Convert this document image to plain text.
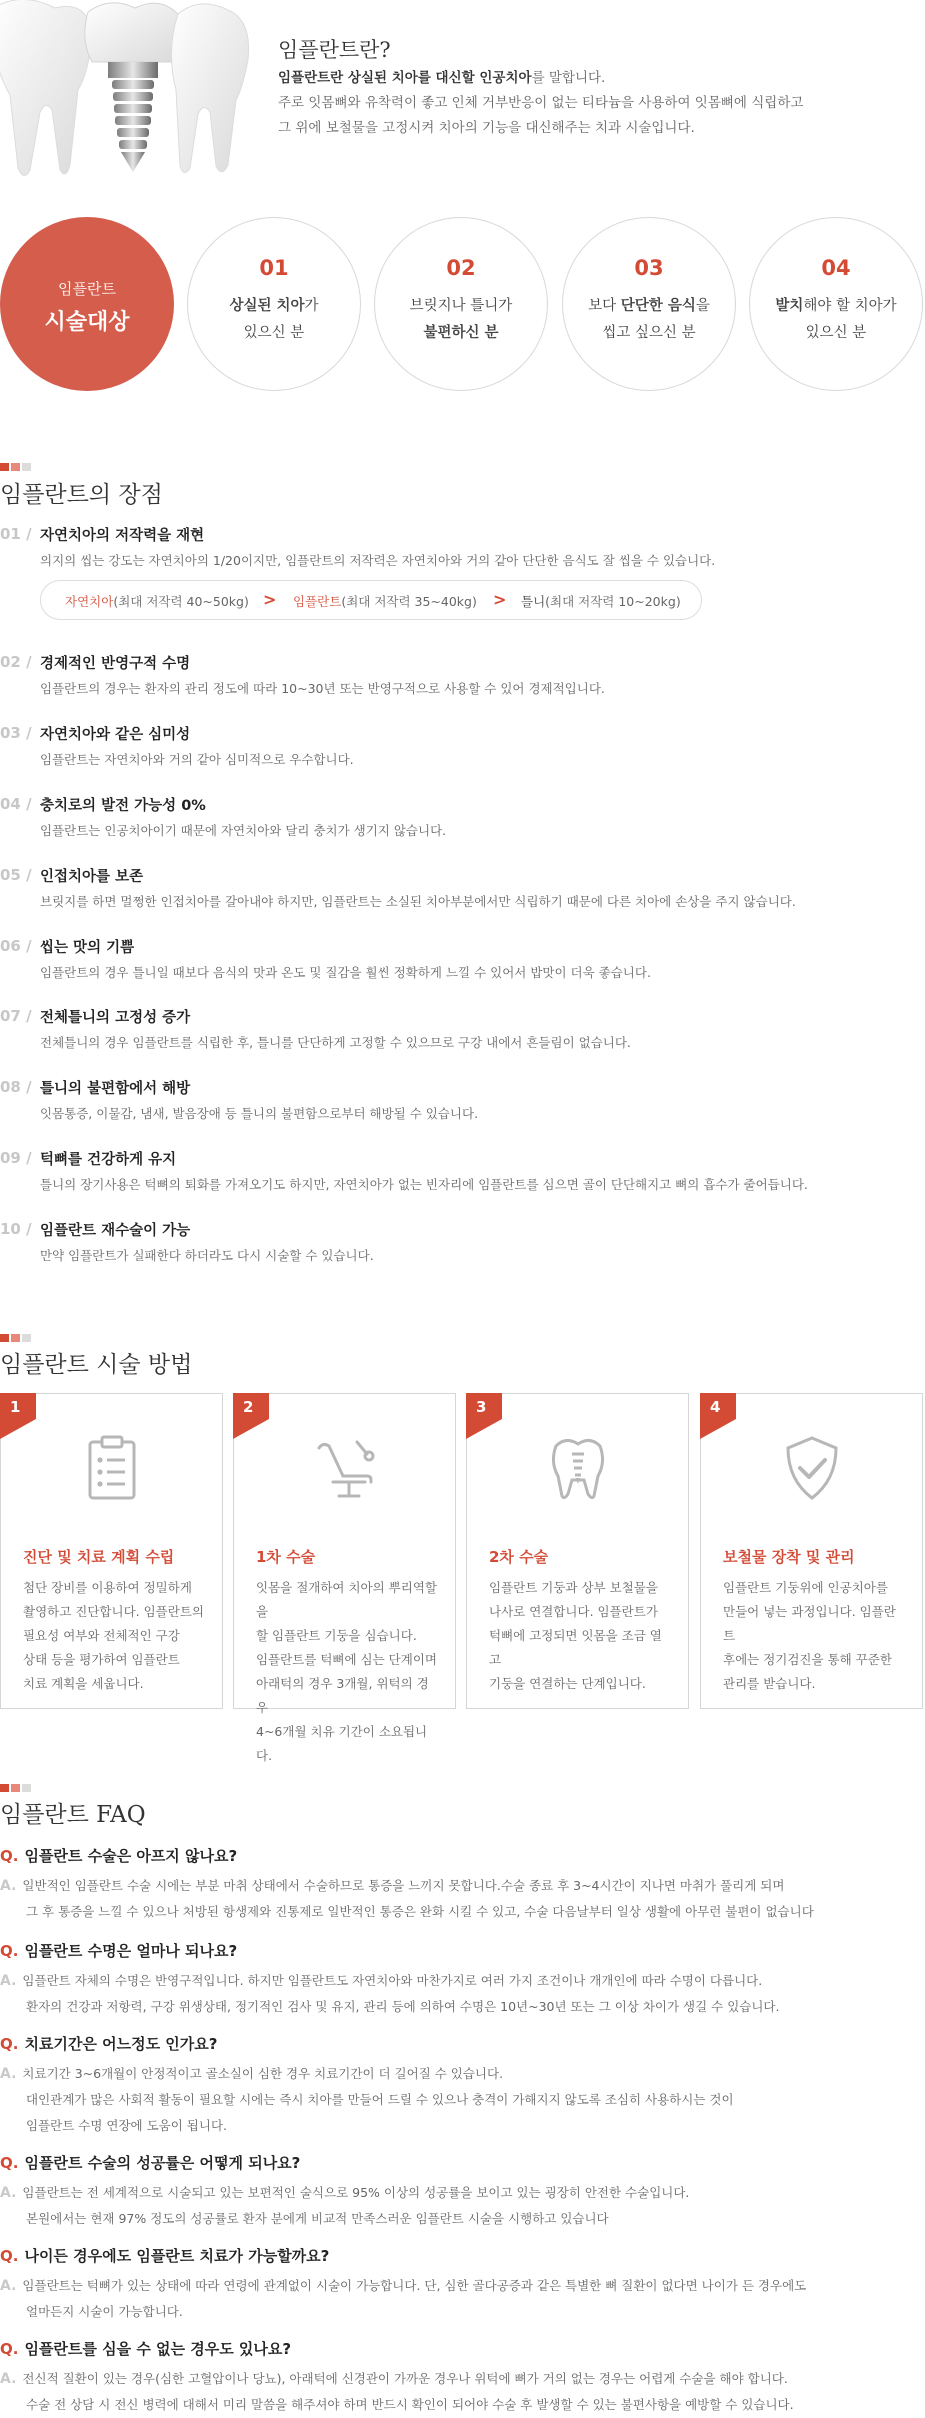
임플란트란?
임플란트란 상실된 치아를 대신할 인공치아를 말합니다.
주로 잇몸뼈와 유착력이 좋고 인체 거부반응이 없는 티타늄을 사용하여 잇몸뼈에 식립하고
그 위에 보철물을 고정시켜 치아의 기능을 대신해주는 치과 시술입니다.
임플란트
시술대상
01
상실된 치아가
있으신 분
02
브릿지나 틀니가
불편하신 분
03
보다 단단한 음식을
씹고 싶으신 분
04
발치해야 할 치아가
있으신 분
임플란트의 장점
01 / 자연치아의 저작력을 재현
의지의 씹는 강도는 자연치아의 1/20이지만, 임플란트의 저작력은 자연치아와 거의 같아 단단한 음식도 잘 씹을 수 있습니다.
자연치아(최대 저작력 40~50kg) > 임플란트(최대 저작력 35~40kg) > 틀니(최대 저작력 10~20kg)
02 / 경제적인 반영구적 수명
임플란트의 경우는 환자의 관리 정도에 따라 10~30년 또는 반영구적으로 사용할 수 있어 경제적입니다.
03 / 자연치아와 같은 심미성
임플란트는 자연치아와 거의 같아 심미적으로 우수합니다.
04 / 충치로의 발전 가능성 0%
임플란트는 인공치아이기 때문에 자연치아와 달리 충치가 생기지 않습니다.
05 / 인접치아를 보존
브릿지를 하면 멀쩡한 인접치아를 갈아내야 하지만, 임플란트는 소실된 치아부분에서만 식립하기 때문에 다른 치아에 손상을 주지 않습니다.
06 / 씹는 맛의 기쁨
임플란트의 경우 틀니일 때보다 음식의 맛과 온도 및 질감을 훨씬 정확하게 느낄 수 있어서 밥맛이 더욱 좋습니다.
07 / 전체틀니의 고정성 증가
전체틀니의 경우 임플란트를 식립한 후, 틀니를 단단하게 고정할 수 있으므로 구강 내에서 흔들림이 없습니다.
08 / 틀니의 불편함에서 해방
잇몸통증, 이물감, 냄새, 발음장애 등 틀니의 불편함으로부터 해방될 수 있습니다.
09 / 턱뼈를 건강하게 유지
틀니의 장기사용은 턱뼈의 퇴화를 가져오기도 하지만, 자연치아가 없는 빈자리에 임플란트를 심으면 골이 단단해지고 뼈의 흡수가 줄어듭니다.
10 / 임플란트 재수술이 가능
만약 임플란트가 실패한다 하더라도 다시 시술할 수 있습니다.
임플란트 시술 방법
1
진단 및 치료 계획 수립
첨단 장비를 이용하여 정밀하게
촬영하고 진단합니다. 임플란트의
필요성 여부와 전체적인 구강
상태 등을 평가하여 임플란트
치료 계획을 세웁니다.
2
1차 수술
잇몸을 절개하여 치아의 뿌리역할을
할 임플란트 기둥을 심습니다.
임플란트를 턱뼈에 심는 단계이며
아래턱의 경우 3개월, 위턱의 경우
4~6개월 치유 기간이 소요됩니다.
3
2차 수술
임플란트 기둥과 상부 보철물을
나사로 연결합니다. 임플란트가
턱뼈에 고정되면 잇몸을 조금 열고
기둥을 연결하는 단계입니다.
4
보철물 장착 및 관리
임플란트 기둥위에 인공치아를
만들어 넣는 과정입니다. 임플란트
후에는 정기검진을 통해 꾸준한
관리를 받습니다.
임플란트 FAQ
Q. 임플란트 수술은 아프지 않나요?

A. 일반적인 임플란트 수술 시에는 부분 마취 상태에서 수술하므로 통증을 느끼지 못합니다.수술 종료 후 3~4시간이 지나면 마취가 풀리게 되며

그 후 통증을 느낄 수 있으나 처방된 항생제와 진통제로 일반적인 통증은 완화 시킬 수 있고, 수술 다음날부터 일상 생활에 아무런 불편이 없습니다

Q. 임플란트 수명은 얼마나 되나요?

A. 임플란트 자체의 수명은 반영구적입니다. 하지만 임플란트도 자연치아와 마찬가지로 여러 가지 조건이나 개개인에 따라 수명이 다릅니다.

환자의 건강과 저항력, 구강 위생상태, 정기적인 검사 및 유지, 관리 등에 의하여 수명은 10년~30년 또는 그 이상 차이가 생길 수 있습니다.

Q. 치료기간은 어느정도 인가요?

A. 치료기간 3~6개월이 안정적이고 골소실이 심한 경우 치료기간이 더 길어질 수 있습니다.

대인관계가 많은 사회적 활동이 필요할 시에는 즉시 치아를 만들어 드릴 수 있으나 충격이 가해지지 않도록 조심히 사용하시는 것이

임플란트 수명 연장에 도움이 됩니다.

Q. 임플란트 수술의 성공률은 어떻게 되나요?

A. 임플란트는 전 세계적으로 시술되고 있는 보편적인 술식으로 95% 이상의 성공률을 보이고 있는 굉장히 안전한 수술입니다.

본원에서는 현재 97% 정도의 성공률로 환자 분에게 비교적 만족스러운 임플란트 시술을 시행하고 있습니다

Q. 나이든 경우에도 임플란트 치료가 가능할까요?

A. 임플란트는 턱뼈가 있는 상태에 따라 연령에 관계없이 시술이 가능합니다. 단, 심한 골다공증과 같은 특별한 뼈 질환이 없다면 나이가 든 경우에도

얼마든지 시술이 가능합니다.

Q. 임플란트를 심을 수 없는 경우도 있나요?

A. 전신적 질환이 있는 경우(심한 고혈압이나 당뇨), 아래턱에 신경관이 가까운 경우나 위턱에 뼈가 거의 없는 경우는 어렵게 수술을 해야 합니다.

수술 전 상담 시 전신 병력에 대해서 미리 말씀을 해주셔야 하며 반드시 확인이 되어야 수술 후 발생할 수 있는 불편사항을 예방할 수 있습니다.
